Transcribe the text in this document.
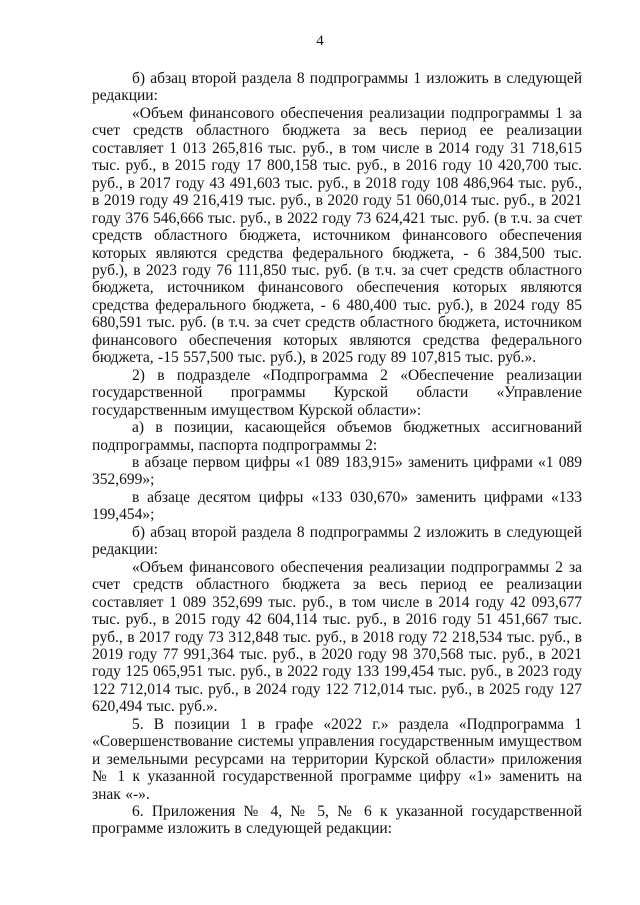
4

б) абзац второй раздела 8 подпрограммы 1 изложить в следующей редакции:

«Объем финансового обеспечения реализации подпрограммы 1 за счет средств областного бюджета за весь период ее реализации составляет 1 013 265,816 тыс. руб., в том числе в 2014 году 31 718,615 тыс. руб., в 2015 году 17 800,158 тыс. руб., в 2016 году 10 420,700 тыс. руб., в 2017 году 43 491,603 тыс. руб., в 2018 году 108 486,964 тыс. руб., в 2019 году 49 216,419 тыс. руб., в 2020 году 51 060,014 тыс. руб., в 2021 году 376 546,666 тыс. руб., в 2022 году 73 624,421 тыс. руб. (в т.ч. за счет средств областного бюджета, источником финансового обеспечения которых являются средства федерального бюджета, - 6 384,500 тыс. руб.), в 2023 году 76 111,850 тыс. руб. (в т.ч. за счет средств областного бюджета, источником финансового обеспечения которых являются средства федерального бюджета, - 6 480,400 тыс. руб.), в 2024 году 85 680,591 тыс. руб. (в т.ч. за счет средств областного бюджета, источником финансового обеспечения которых являются средства федерального бюджета, -15 557,500 тыс. руб.), в 2025 году 89 107,815 тыс. руб.».

2) в подразделе «Подпрограмма 2 «Обеспечение реализации государственной программы Курской области «Управление государственным имуществом Курской области»:

а) в позиции, касающейся объемов бюджетных ассигнований подпрограммы, паспорта подпрограммы 2:

в абзаце первом цифры «1 089 183,915» заменить цифрами «1 089 352,699»;

в абзаце десятом цифры «133 030,670» заменить цифрами «133 199,454»;

б) абзац второй раздела 8 подпрограммы 2 изложить в следующей редакции:

«Объем финансового обеспечения реализации подпрограммы 2 за счет средств областного бюджета за весь период ее реализации составляет 1 089 352,699 тыс. руб., в том числе в 2014 году 42 093,677 тыс. руб., в 2015 году 42 604,114 тыс. руб., в 2016 году 51 451,667 тыс. руб., в 2017 году 73 312,848 тыс. руб., в 2018 году 72 218,534 тыс. руб., в 2019 году 77 991,364 тыс. руб., в 2020 году 98 370,568 тыс. руб., в 2021 году 125 065,951 тыс. руб., в 2022 году 133 199,454 тыс. руб., в 2023 году 122 712,014 тыс. руб., в 2024 году 122 712,014 тыс. руб., в 2025 году 127 620,494 тыс. руб.».

5. В позиции 1 в графе «2022 г.» раздела «Подпрограмма 1 «Совершенствование системы управления государственным имуществом и земельными ресурсами на территории Курской области» приложения № 1 к указанной государственной программе цифру «1» заменить на знак «-».

6. Приложения № 4, № 5, № 6 к указанной государственной программе изложить в следующей редакции:
